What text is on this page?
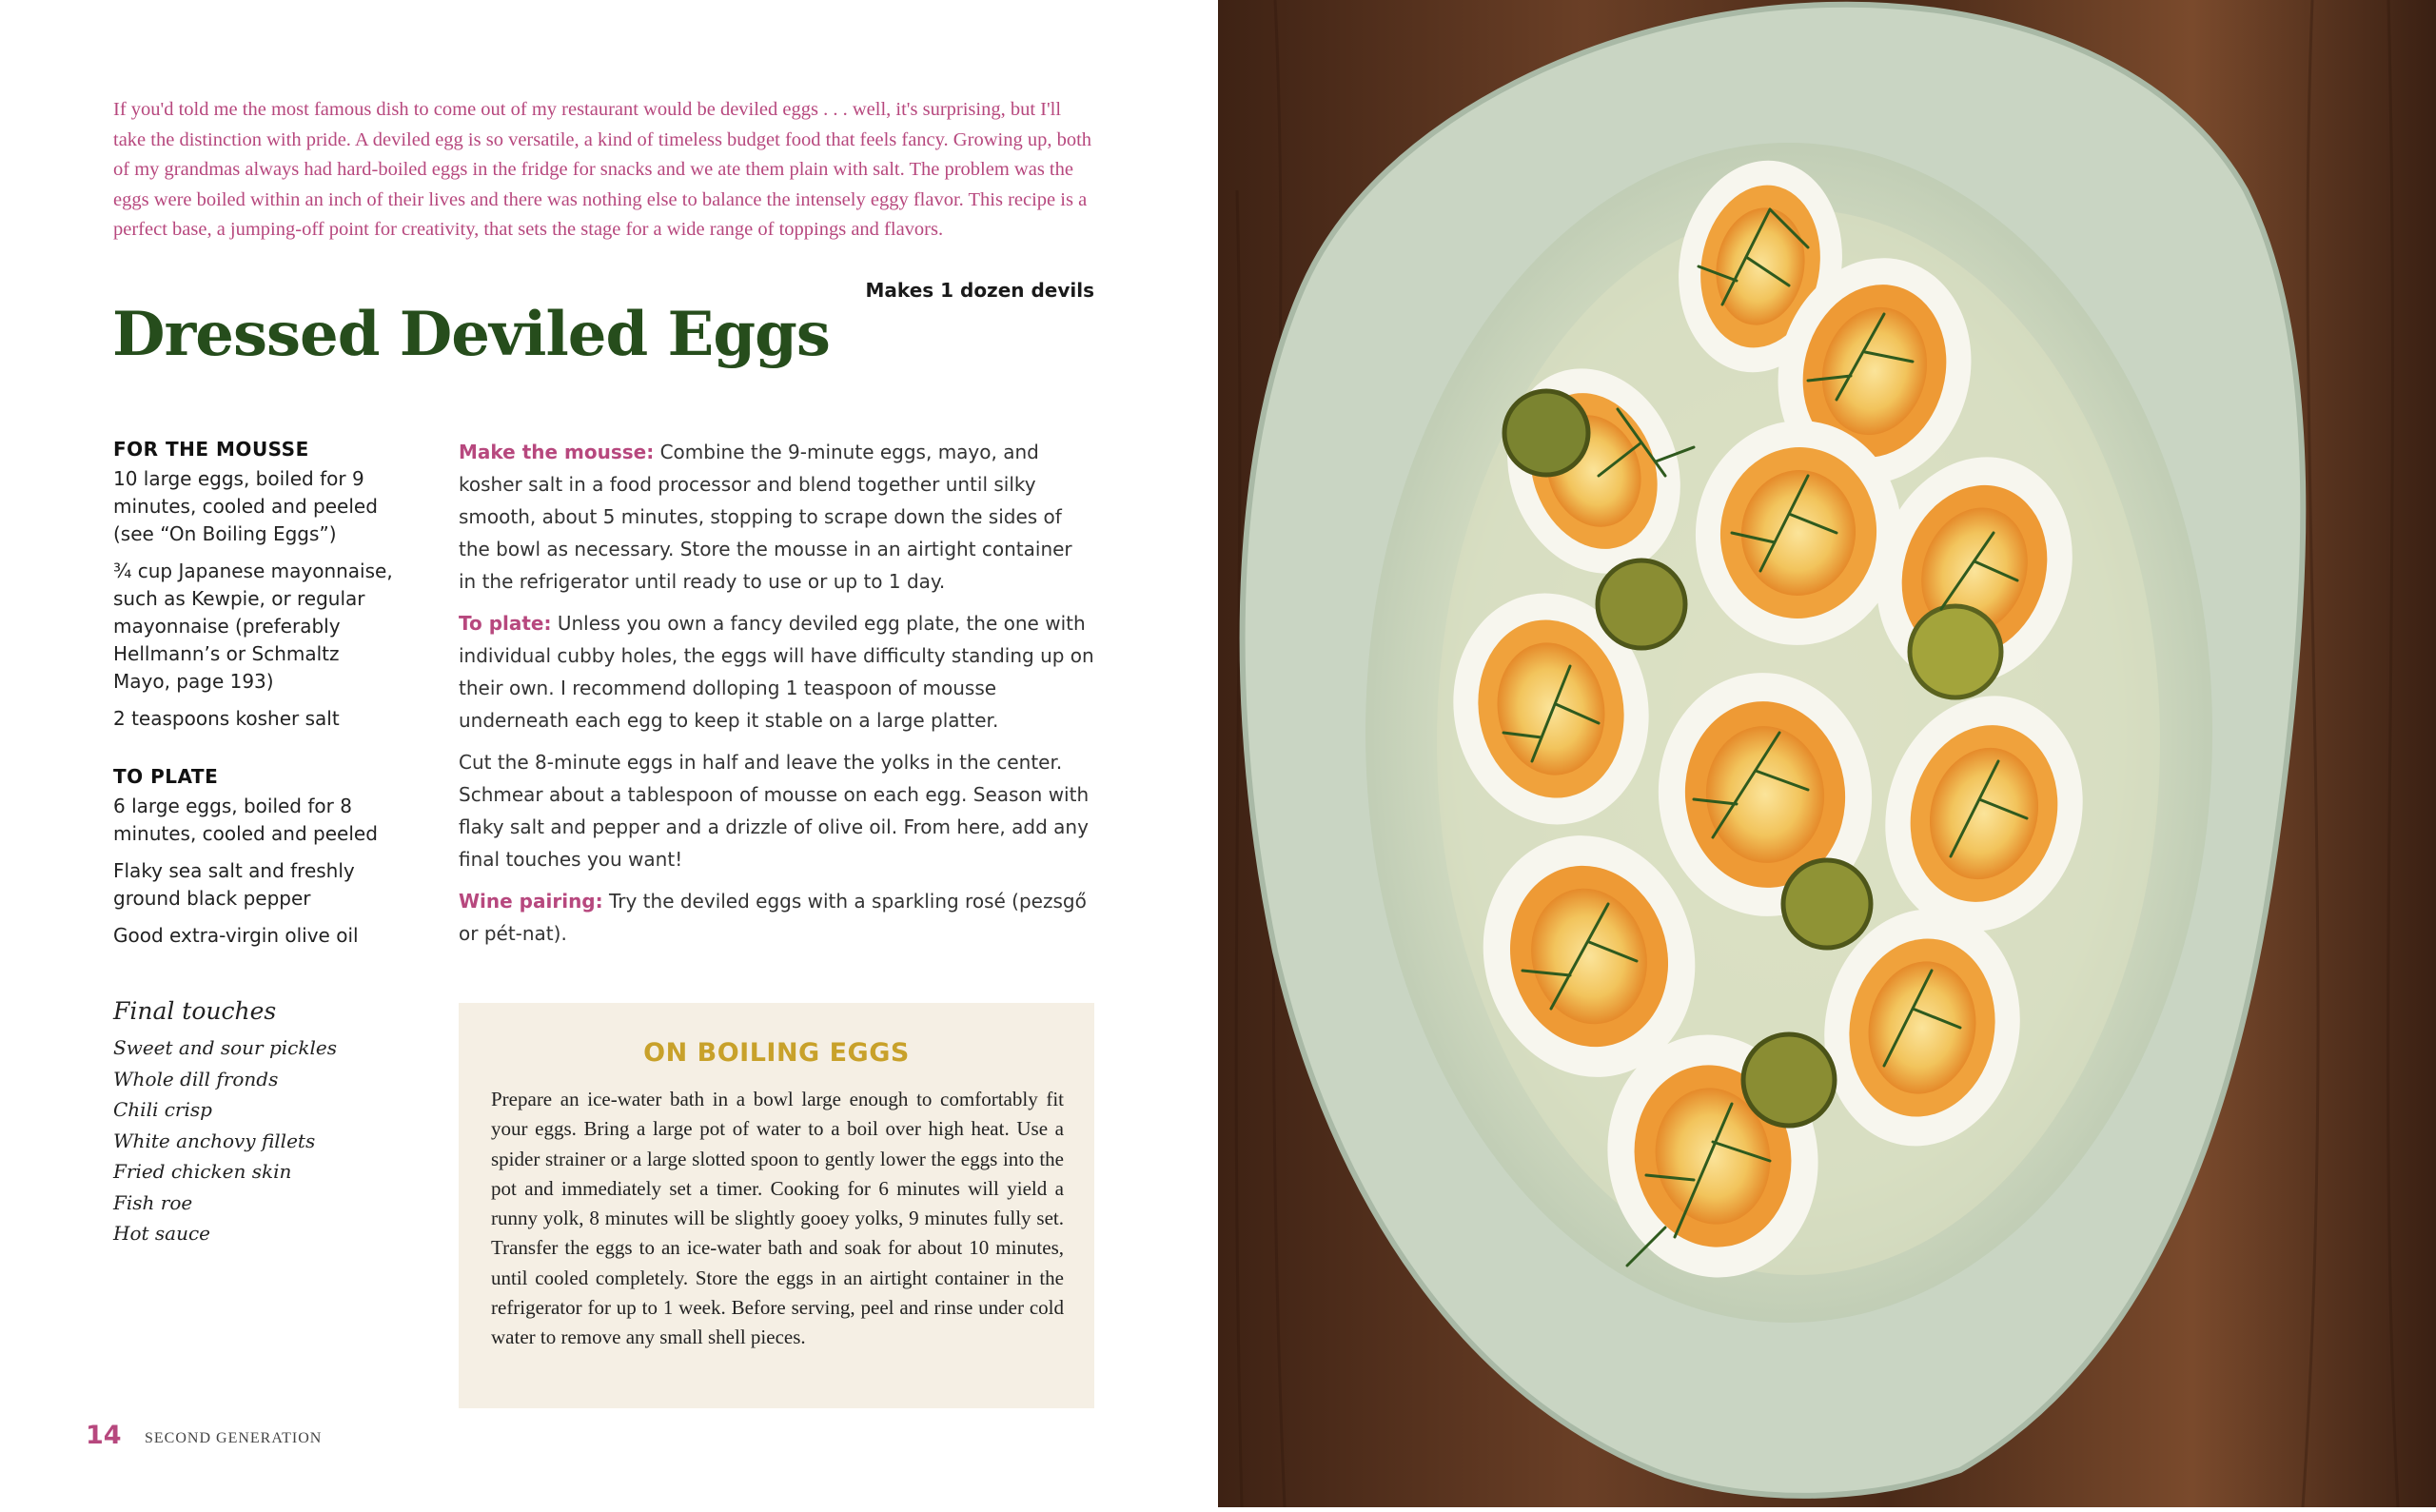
If you'd told me the most famous dish to come out of my restaurant would be deviled eggs . . . well, it's surprising, but I'll take the distinction with pride. A deviled egg is so versatile, a kind of timeless budget food that feels fancy. Growing up, both of my grandmas always had hard-boiled eggs in the fridge for snacks and we ate them plain with salt. The problem was the eggs were boiled within an inch of their lives and there was nothing else to balance the intensely eggy flavor. This recipe is a perfect base, a jumping-off point for creativity, that sets the stage for a wide range of toppings and flavors.

Makes 1 dozen devils

Dressed Deviled Eggs
FOR THE MOUSSE

10 large eggs, boiled for 9 minutes, cooled and peeled (see “On Boiling Eggs”)

¾ cup Japanese mayonnaise, such as Kewpie, or regular mayonnaise (preferably Hellmann’s or Schmaltz Mayo, page 193)

2 teaspoons kosher salt

TO PLATE

6 large eggs, boiled for 8 minutes, cooled and peeled

Flaky sea salt and freshly ground black pepper

Good extra-virgin olive oil

Final touches

Sweet and sour pickles

Whole dill fronds

Chili crisp

White anchovy fillets

Fried chicken skin

Fish roe

Hot sauce

Make the mousse: Combine the 9-minute eggs, mayo, and kosher salt in a food processor and blend together until silky smooth, about 5 minutes, stopping to scrape down the sides of the bowl as necessary. Store the mousse in an airtight container in the refrigerator until ready to use or up to 1 day.

To plate: Unless you own a fancy deviled egg plate, the one with individual cubby holes, the eggs will have difficulty standing up on their own. I recommend dolloping 1 teaspoon of mousse underneath each egg to keep it stable on a large platter.

Cut the 8-minute eggs in half and leave the yolks in the center. Schmear about a tablespoon of mousse on each egg. Season with flaky salt and pepper and a drizzle of olive oil. From here, add any final touches you want!

Wine pairing: Try the deviled eggs with a sparkling rosé (pezsgő or pét-nat).

ON BOILING EGGS

Prepare an ice-water bath in a bowl large enough to comfortably fit your eggs. Bring a large pot of water to a boil over high heat. Use a spider strainer or a large slotted spoon to gently lower the eggs into the pot and immediately set a timer. Cooking for 6 minutes will yield a runny yolk, 8 minutes will be slightly gooey yolks, 9 minutes fully set. Transfer the eggs to an ice-water bath and soak for about 10 minutes, until cooled completely. Store the eggs in an airtight container in the refrigerator for up to 1 week. Before serving, peel and rinse under cold water to remove any small shell pieces.

14 SECOND GENERATION
